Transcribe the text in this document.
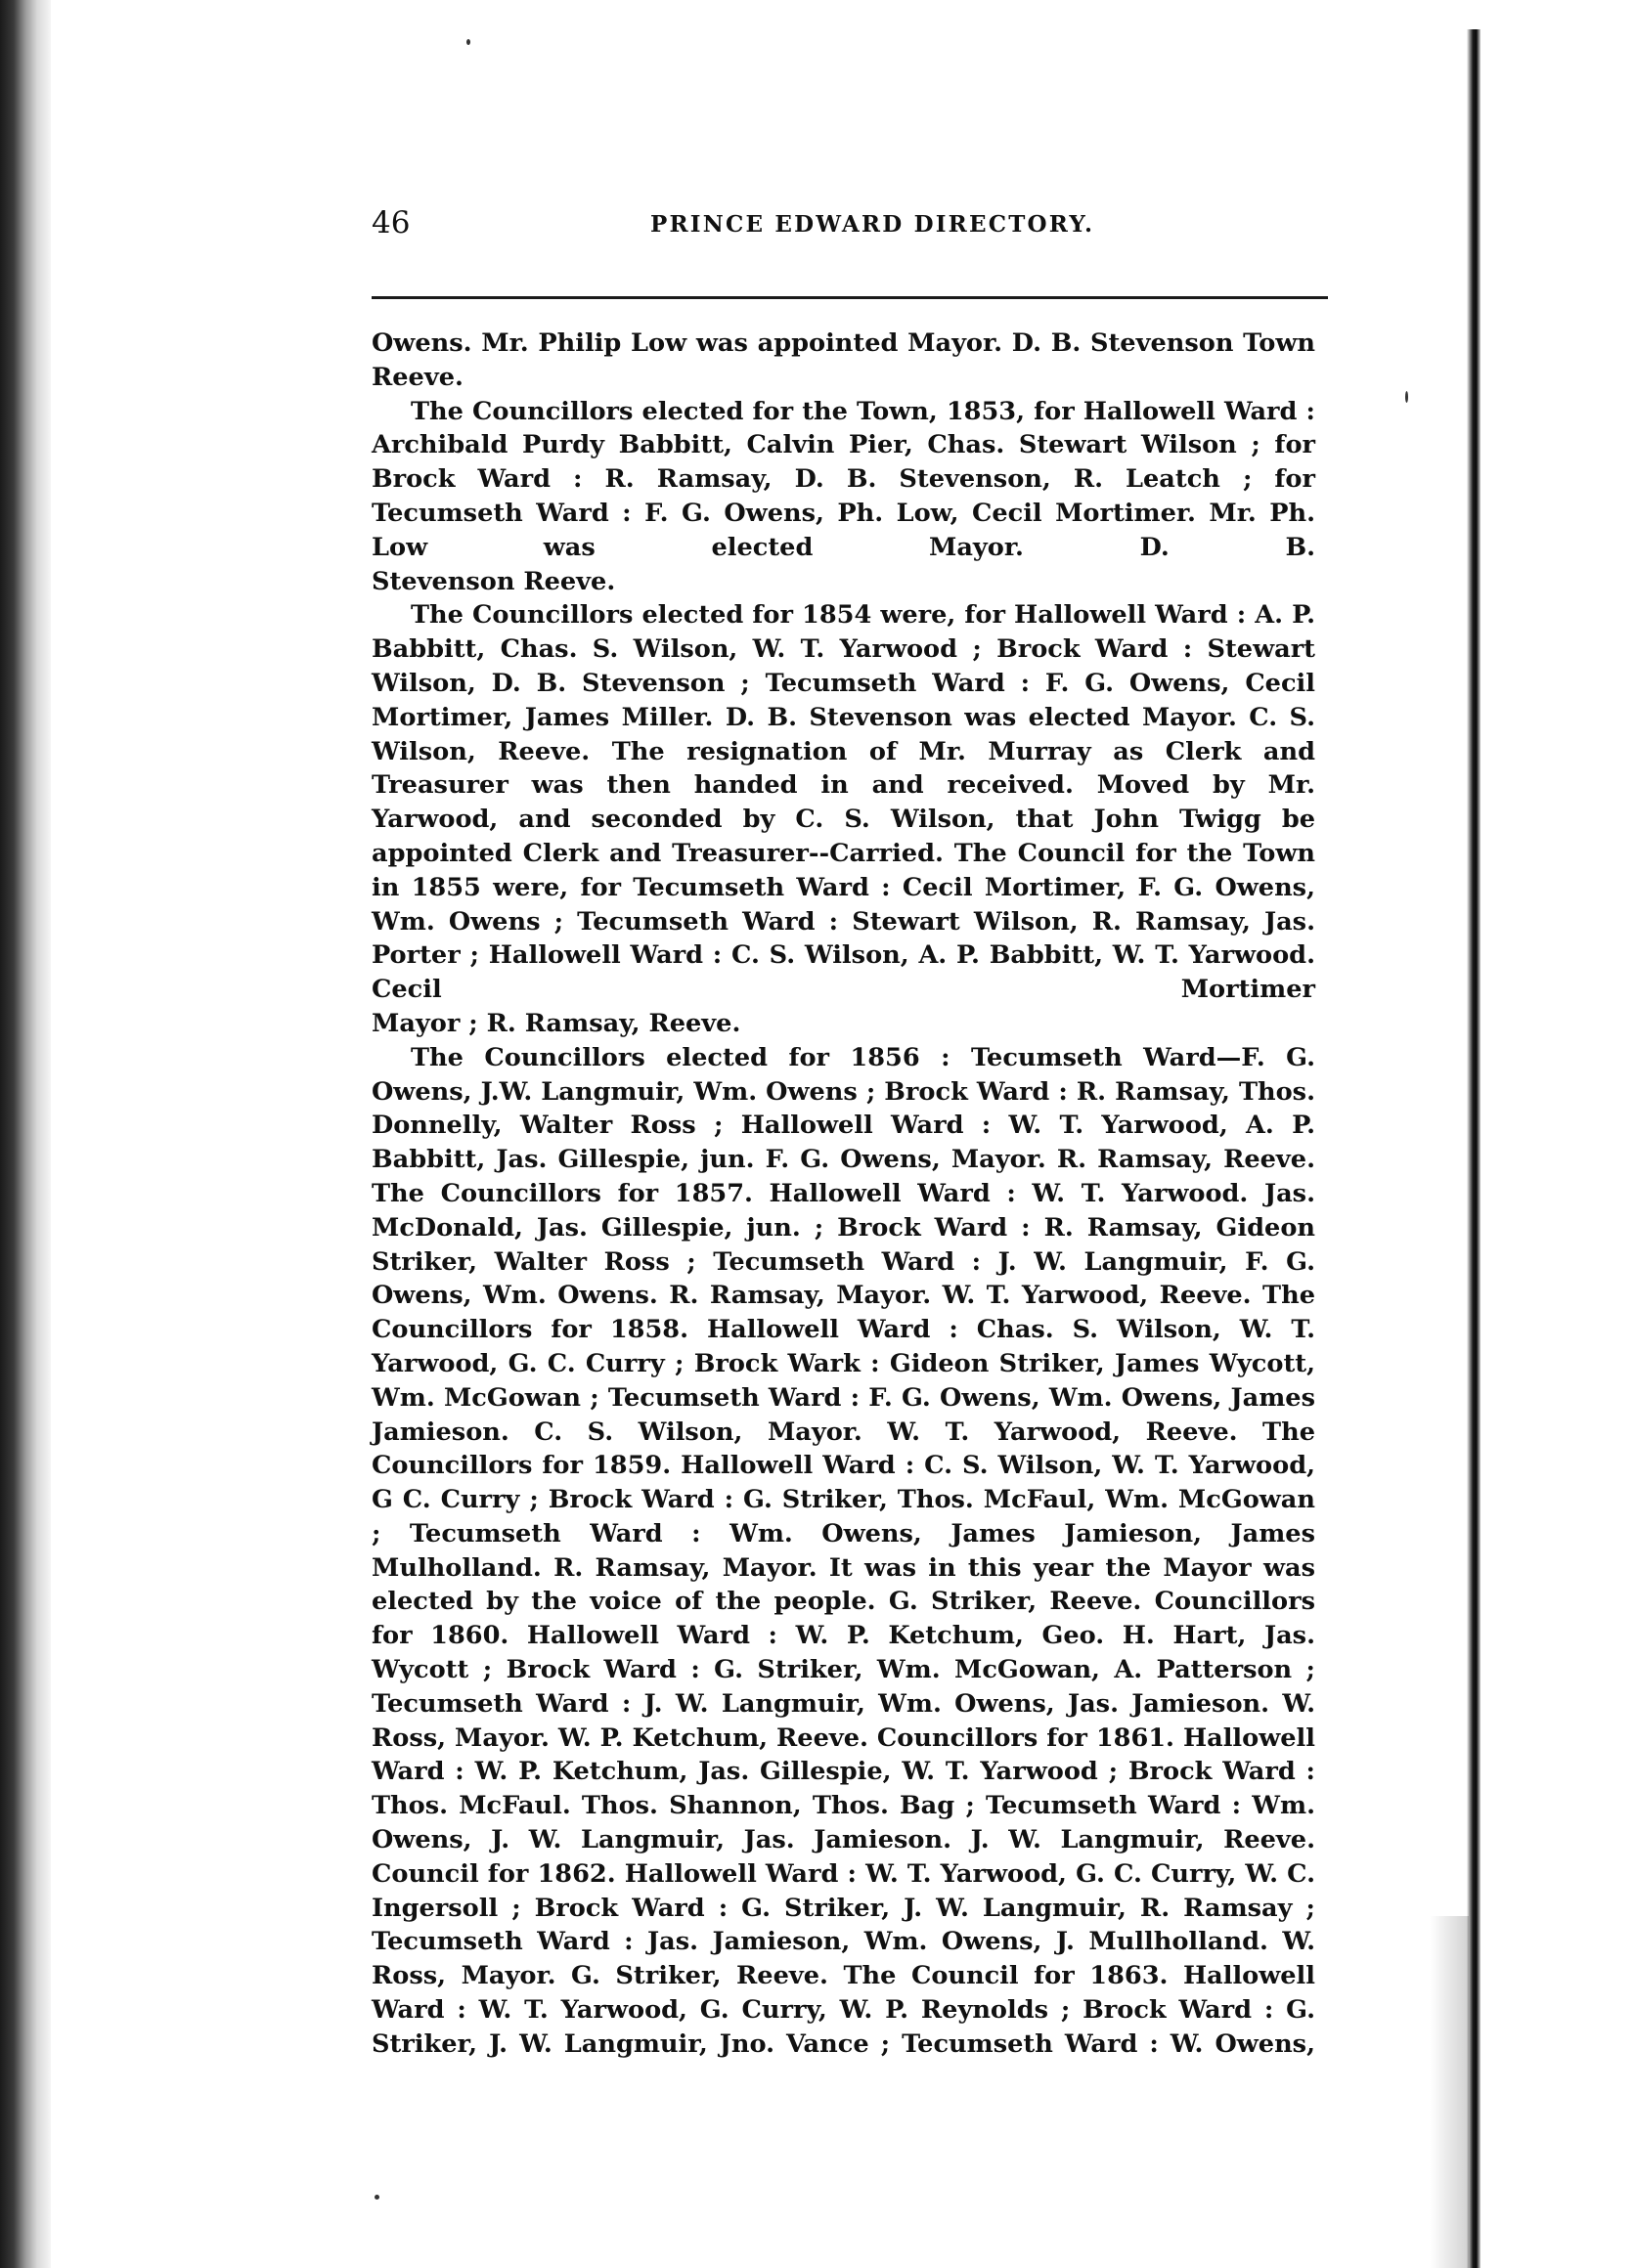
46	PRINCE EDWARD DIRECTORY.

Owens. Mr. Philip Low was appointed Mayor. D. B. Stevenson Town

Reeve.

The Councillors elected for the Town, 1853, for Hallowell Ward : Archibald Purdy Babbitt, Calvin Pier, Chas. Stewart Wilson ; for Brock Ward : R. Ramsay, D. B. Stevenson, R. Leatch ; for Tecumseth Ward : F. G. Owens, Ph. Low, Cecil Mortimer. Mr. Ph. Low was elected Mayor. D. B.

Stevenson Reeve.

The Councillors elected for 1854 were, for Hallowell Ward : A. P. Babbitt, Chas. S. Wilson, W. T. Yarwood ; Brock Ward : Stewart Wilson, D. B. Stevenson ; Tecumseth Ward : F. G. Owens, Cecil Mortimer, James Miller. D. B. Stevenson was elected Mayor. C. S. Wilson, Reeve. The resignation of Mr. Murray as Clerk and Treasurer was then handed in and received. Moved by Mr. Yarwood, and seconded by C. S. Wilson, that John Twigg be appointed Clerk and Treasurer--Carried. The Council for the Town in 1855 were, for Tecumseth Ward : Cecil Mortimer, F. G. Owens, Wm. Owens ; Tecumseth Ward : Stewart Wilson, R. Ramsay, Jas. Porter ; Hallowell Ward : C. S. Wilson, A. P. Babbitt, W. T. Yarwood. Cecil Mortimer

Mayor ; R. Ramsay, Reeve.

The Councillors elected for 1856 : Tecumseth Ward—F. G. Owens, J.W. Langmuir, Wm. Owens ; Brock Ward : R. Ramsay, Thos. Donnelly, Walter Ross ; Hallowell Ward : W. T. Yarwood, A. P. Babbitt, Jas. Gillespie, jun. F. G. Owens, Mayor. R. Ramsay, Reeve. The Councillors for 1857. Hallowell Ward : W. T. Yarwood. Jas. McDonald, Jas. Gillespie, jun. ; Brock Ward : R. Ramsay, Gideon Striker, Walter Ross ; Tecumseth Ward : J. W. Langmuir, F. G. Owens, Wm. Owens. R. Ramsay, Mayor. W. T. Yarwood, Reeve. The Councillors for 1858. Hallowell Ward : Chas. S. Wilson, W. T. Yarwood, G. C. Curry ; Brock Wark : Gideon Striker, James Wycott, Wm. McGowan ; Tecumseth Ward : F. G. Owens, Wm. Owens, James Jamieson. C. S. Wilson, Mayor. W. T. Yarwood, Reeve. The Councillors for 1859. Hallowell Ward : C. S. Wilson, W. T. Yarwood, G C. Curry ; Brock Ward : G. Striker, Thos. McFaul, Wm. McGowan ; Tecumseth Ward : Wm. Owens, James Jamieson, James Mulholland. R. Ramsay, Mayor. It was in this year the Mayor was elected by the voice of the people. G. Striker, Reeve. Councillors for 1860. Hallowell Ward : W. P. Ketchum, Geo. H. Hart, Jas. Wycott ; Brock Ward : G. Striker, Wm. McGowan, A. Patterson ; Tecumseth Ward : J. W. Langmuir, Wm. Owens, Jas. Jamieson. W. Ross, Mayor. W. P. Ketchum, Reeve. Councillors for 1861. Hallowell Ward : W. P. Ketchum, Jas. Gillespie, W. T. Yarwood ; Brock Ward : Thos. McFaul. Thos. Shannon, Thos. Bag ; Tecumseth Ward : Wm. Owens, J. W. Langmuir, Jas. Jamieson. J. W. Langmuir, Reeve. Council for 1862. Hallowell Ward : W. T. Yarwood, G. C. Curry, W. C. Ingersoll ; Brock Ward : G. Striker, J. W. Langmuir, R. Ramsay ; Tecumseth Ward : Jas. Jamieson, Wm. Owens, J. Mullholland. W. Ross, Mayor. G. Striker, Reeve. The Council for 1863. Hallowell Ward : W. T. Yarwood, G. Curry, W. P. Reynolds ; Brock Ward : G. Striker, J. W. Langmuir, Jno. Vance ; Tecumseth Ward : W. Owens,
